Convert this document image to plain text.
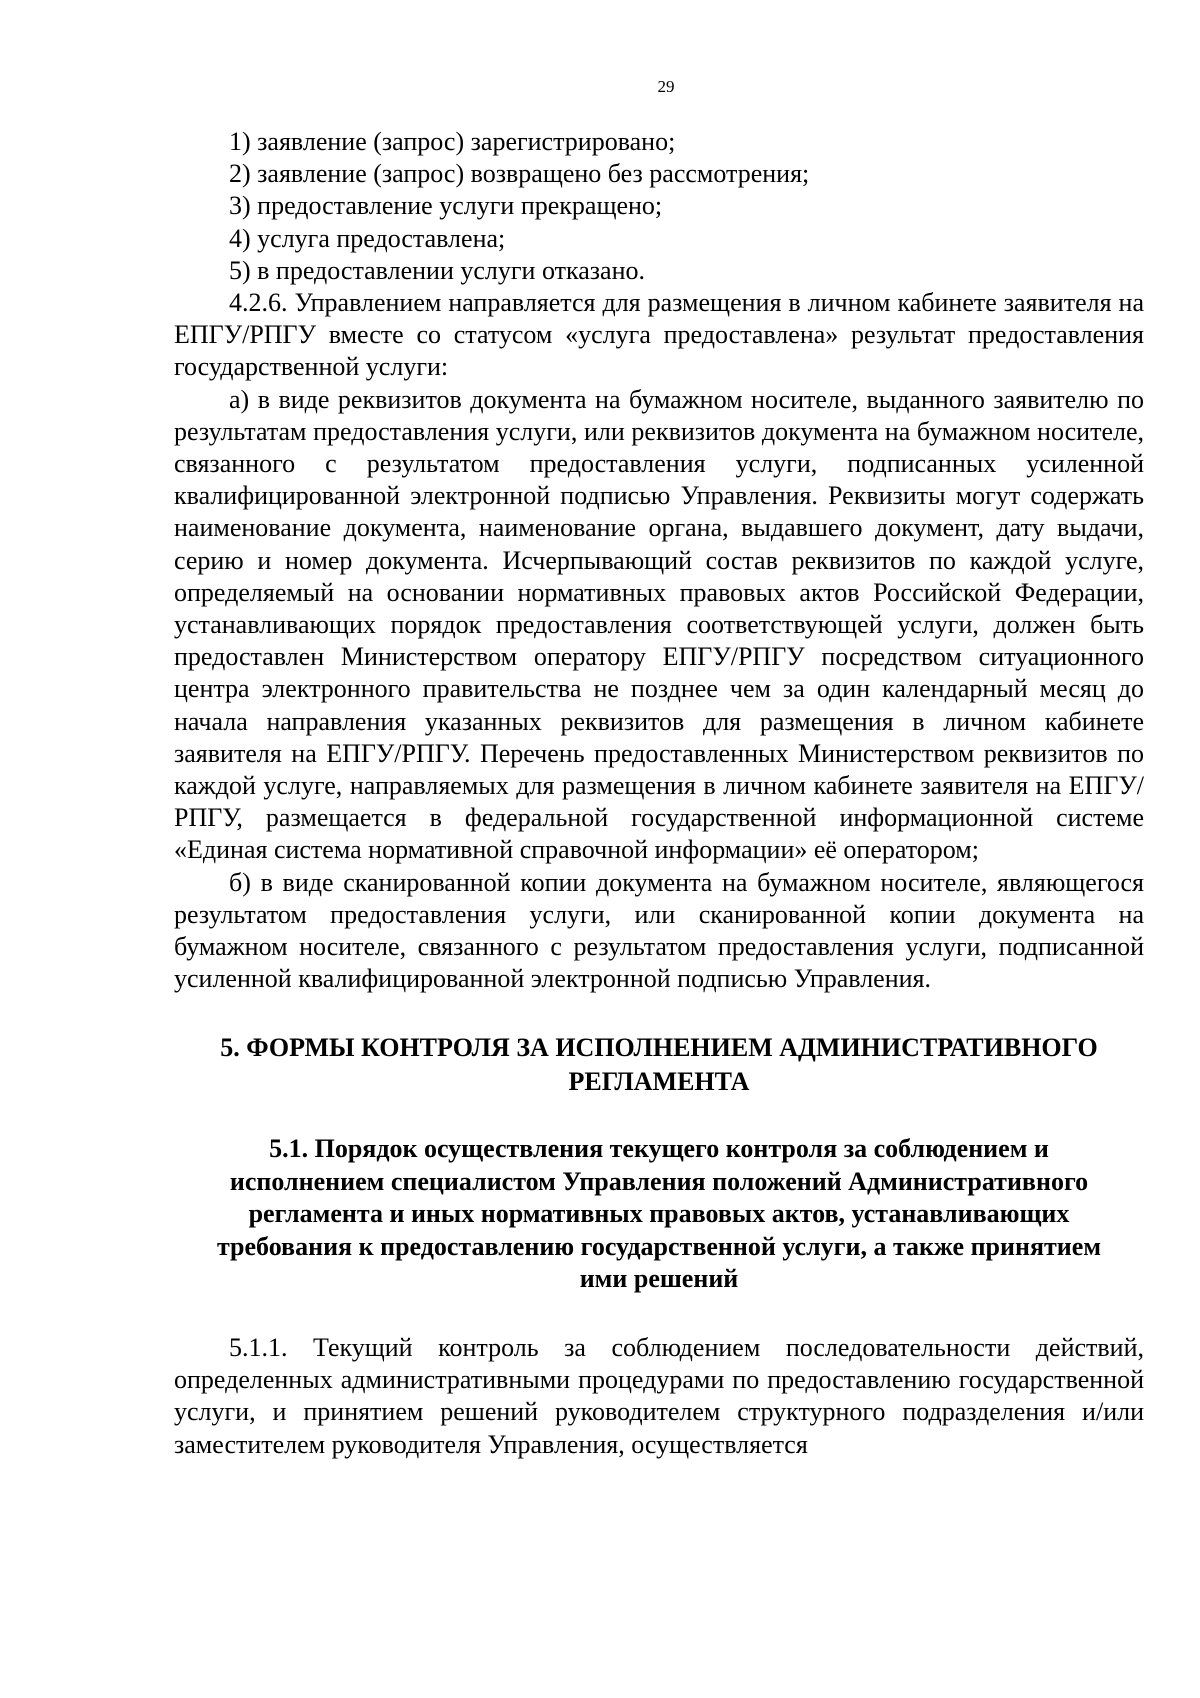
29

1) заявление (запрос) зарегистрировано;

2) заявление (запрос) возвращено без рассмотрения;

3) предоставление услуги прекращено;

4) услуга предоставлена;

5) в предоставлении услуги отказано.

4.2.6. Управлением направляется для размещения в личном кабинете заявителя на ЕПГУ/РПГУ вместе со статусом «услуга предоставлена» результат предоставления государственной услуги:

а) в виде реквизитов документа на бумажном носителе, выданного заявителю по результатам предоставления услуги, или реквизитов документа на бумажном носителе, связанного с результатом предоставления услуги, подписанных усиленной квалифицированной электронной подписью Управления. Реквизиты могут содержать наименование документа, наименование органа, выдавшего документ, дату выдачи, серию и номер документа. Исчерпывающий состав реквизитов по каждой услуге, определяемый на основании нормативных правовых актов Российской Федерации, устанавливающих порядок предоставления соответствующей услуги, должен быть предоставлен Министерством оператору ЕПГУ/РПГУ посредством ситуационного центра электронного правительства не позднее чем за один календарный месяц до начала направления указанных реквизитов для размещения в личном кабинете заявителя на ЕПГУ/РПГУ. Перечень предоставленных Министерством реквизитов по каждой услуге, направляемых для размещения в личном кабинете заявителя на ЕПГУ/РПГУ, размещается в федеральной государственной информационной системе «Единая система нормативной справочной информации» её оператором;

б) в виде сканированной копии документа на бумажном носителе, являющегося результатом предоставления услуги, или сканированной копии документа на бумажном носителе, связанного с результатом предоставления услуги, подписанной усиленной квалифицированной электронной подписью Управления.

5. ФОРМЫ КОНТРОЛЯ ЗА ИСПОЛНЕНИЕМ АДМИНИСТРАТИВНОГО
РЕГЛАМЕНТА
5.1. Порядок осуществления текущего контроля за соблюдением и
исполнением специалистом Управления положений Административного
регламента и иных нормативных правовых актов, устанавливающих
требования к предоставлению государственной услуги, а также принятием
ими решений

5.1.1. Текущий контроль за соблюдением последовательности действий, определенных административными процедурами по предоставлению государственной услуги, и принятием решений руководителем структурного подразделения и/или заместителем руководителя Управления, осуществляется
